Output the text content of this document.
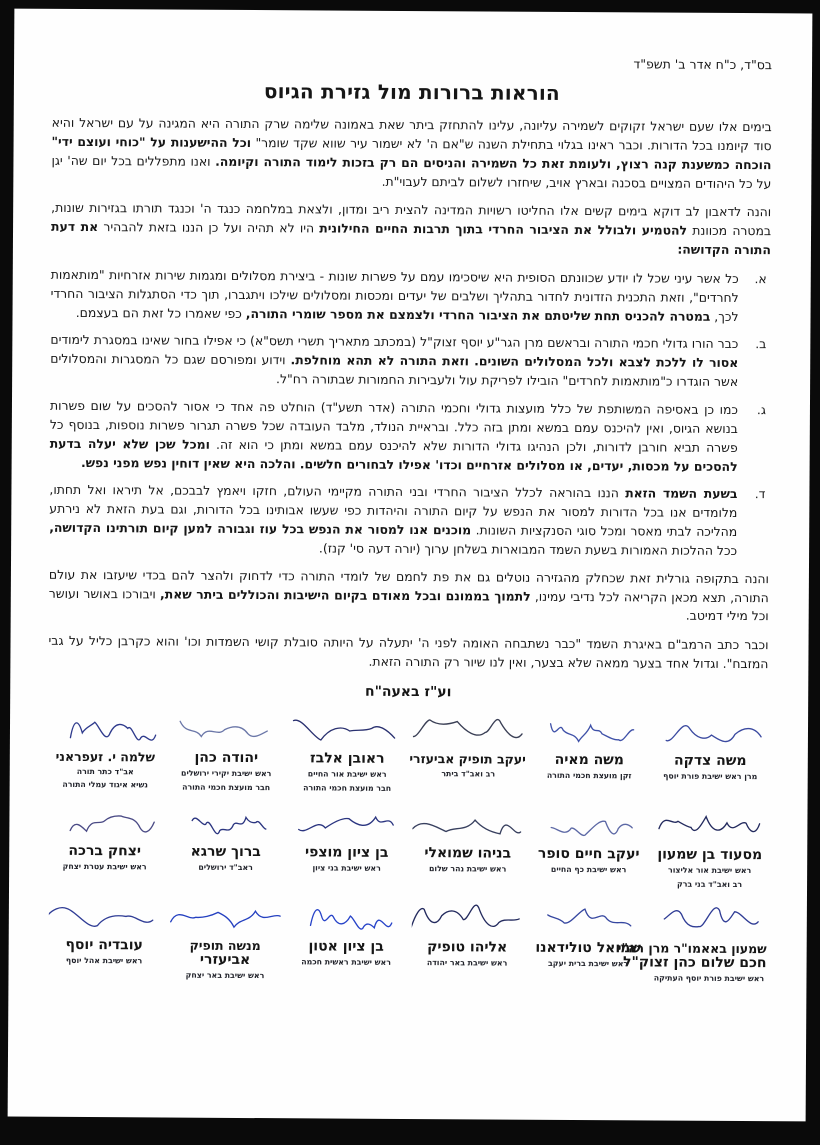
בס"ד, כ"ח אדר ב' תשפ"ד
הוראות ברורות מול גזירת הגיוס

בימים אלו שעם ישראל זקוקים לשמירה עליונה, עלינו להתחזק ביתר שאת באמונה שלימה שרק התורה היא המגינה על עם ישראל והיא סוד קיומנו בכל הדורות. וכבר ראינו בגלוי בתחילת השנה ש"אם ה' לא ישמור עיר שווא שקד שומר" וכל ההישענות על "כוחי ועוצם ידי" הוכחה כמשענת קנה רצוץ, ולעומת זאת כל השמירה והניסים הם רק בזכות לימוד התורה וקיומה. ואנו מתפללים בכל יום שה' יגן על כל היהודים המצויים בסכנה ובארץ אויב, שיחזרו לשלום לביתם לעבוי"ת.

והנה לדאבון לב דוקא בימים קשים אלו החליטו רשויות המדינה להצית ריב ומדון, ולצאת במלחמה כנגד ה' וכנגד תורתו בגזירות שונות, במטרה מכוונת להטמיע ולבולל את הציבור החרדי בתוך תרבות החיים החילונית היו לא תהיה ועל כן הננו בזאת להבהיר את דעת התורה הקדושה:

א.
כל אשר עיני שכל לו יודע שכוונתם הסופית היא שיסכימו עמם על פשרות שונות - ביצירת מסלולים ומגמות שירות אזרחיות "מותאמות לחרדים", וזאת התכנית הזדונית לחדור בתהליך ושלבים של יעדים ומכסות ומסלולים שילכו ויתגברו, תוך כדי הסתגלות הציבור החרדי לכך, במטרה להכניס תחת שליטתם את הציבור החרדי ולצמצם את מספר שומרי התורה, כפי שאמרו כל זאת הם בעצמם.
ב.
כבר הורו גדולי חכמי התורה ובראשם מרן הגר"ע יוסף זצוק"ל (במכתב מתאריך תשרי תשס"א) כי אפילו בחור שאינו במסגרת לימודים אסור לו ללכת לצבא ולכל המסלולים השונים. וזאת התורה לא תהא מוחלפת. וידוע ומפורסם שגם כל המסגרות והמסלולים אשר הוגדרו כ"מותאמות לחרדים" הובילו לפריקת עול ולעבירות החמורות שבתורה רח"ל.
ג.
כמו כן באסיפה המשותפת של כלל מועצות גדולי וחכמי התורה (אדר תשע"ד) הוחלט פה אחד כי אסור להסכים על שום פשרות בנושא הגיוס, ואין להיכנס עמם במשא ומתן בזה כלל. ובראיית הנולד, מלבד העובדה שכל פשרה תגרור פשרות נוספות, בנוסף כל פשרה תביא חורבן לדורות, ולכן הנהיגו גדולי הדורות שלא להיכנס עמם במשא ומתן כי הוא זה. ומכל שכן שלא יעלה בדעת להסכים על מכסות, יעדים, או מסלולים אזרחיים וכדו' אפילו לבחורים חלשים. והלכה היא שאין דוחין נפש מפני נפש.
ד.
בשעת השמד הזאת הננו בהוראה לכלל הציבור החרדי ובני התורה מקיימי העולם, חזקו ויאמץ לבבכם, אל תיראו ואל תחתו, מלומדים אנו בכל הדורות למסור את הנפש על קיום התורה והיהדות כפי שעשו אבותינו בכל הדורות, וגם בעת הזאת לא נירתע מהליכה לבתי מאסר ומכל סוגי הסנקציות השונות. מוכנים אנו למסור את הנפש בכל עוז וגבורה למען קיום תורתינו הקדושה, ככל ההלכות האמורות בשעת השמד המבוארות בשלחן ערוך (יורה דעה סי' קנז).

והנה בתקופה גורלית זאת שכחלק מהגזירה נוטלים גם את פת לחמם של לומדי התורה כדי לדחוק ולהצר להם בכדי שיעזבו את עולם התורה, תצא מכאן הקריאה לכל נדיבי עמינו, לתמוך בממונם ובכל מאודם בקיום הישיבות והכוללים ביתר שאת, ויבורכו באושר ועושר וכל מילי דמיטב.

וכבר כתב הרמב"ם באיגרת השמד "כבר נשתבחה האומה לפני ה' יתעלה על היותה סובלת קושי השמדות וכו' והוא כקרבן כליל על גבי המזבח". וגדול אחד בצער ממאה שלא בצער, ואין לנו שיור רק התורה הזאת.

וע"ז באעה"ח
משה צדקה
מרן ראש ישיבת פורת יוסף
משה מאיה
זקן מועצת חכמי התורה
יעקב תופיק אביעזרי
רב ואב"ד ביתר
ראובן אלבז
ראש ישיבת אור החיים
חבר מועצת חכמי התורה
יהודה כהן
ראש ישיבת יקירי ירושלים
חבר מועצת חכמי התורה
שלמה י. זעפראני
אב"ד כתר תורה
נשיא איגוד עמלי התורה
מסעוד בן שמעון
ראש ישיבת אור אליצור
רב ואב"ד בני ברק
יעקב חיים סופר
ראש ישיבת כף החיים
בניהו שמואלי
ראש ישיבת נהר שלום
בן ציון מוצפי
ראש ישיבת בני ציון
ברוך שרגא
ראב"ד ירושלים
יצחק ברכה
ראש ישיבת עטרת יצחק
שמעון באאמו"ר מרן רה"י
חכם שלום כהן זצוק"ל
ראש ישיבת פורת יוסף העתיקה
שמואל טולידאנו
ראש ישיבת ברית יעקב
אליהו טופיק
ראש ישיבת באר יהודה
בן ציון אטון
ראש ישיבת ראשית חכמה
מנשה תופיק
אביעזרי
ראש ישיבת באר יצחק
עובדיה יוסף
ראש ישיבת אהל יוסף
